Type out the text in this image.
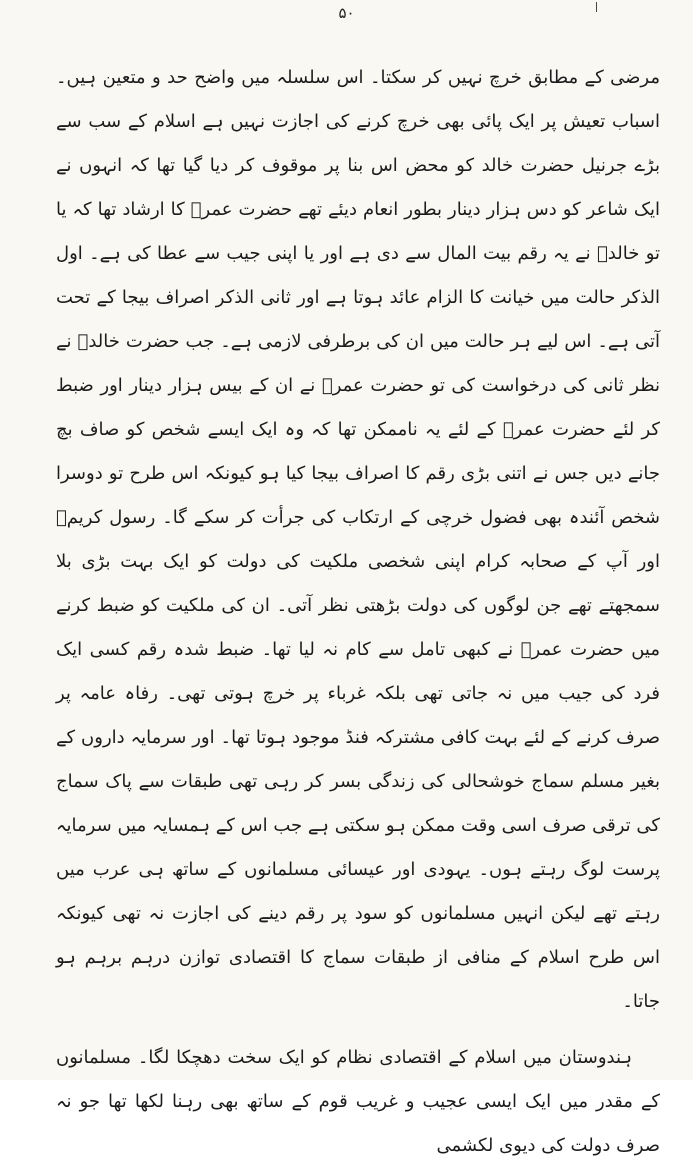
۵۰

مرضی کے مطابق خرچ نہیں کر سکتا۔ اس سلسلہ میں واضح حد و متعین ہیں۔ اسباب تعیش پر ایک پائی بھی خرچ کرنے کی اجازت نہیں ہے اسلام کے سب سے بڑے جرنیل حضرت خالد کو محض اس بنا پر موقوف کر دیا گیا تھا کہ انہوں نے ایک شاعر کو دس ہزار دینار بطور انعام دیئے تھے حضرت عمرؓ کا ارشاد تھا کہ یا تو خالدؓ نے یہ رقم بیت المال سے دی ہے اور یا اپنی جیب سے عطا کی ہے۔ اول الذکر حالت میں خیانت کا الزام عائد ہوتا ہے اور ثانی الذکر اصراف بیجا کے تحت آتی ہے۔ اس لیے ہر حالت میں ان کی برطرفی لازمی ہے۔ جب حضرت خالدؓ نے نظر ثانی کی درخواست کی تو حضرت عمرؓ نے ان کے بیس ہزار دینار اور ضبط کر لئے حضرت عمرؓ کے لئے یہ ناممکن تھا کہ وہ ایک ایسے شخص کو صاف بچ جانے دیں جس نے اتنی بڑی رقم کا اصراف بیجا کیا ہو کیونکہ اس طرح تو دوسرا شخص آئندہ بھی فضول خرچی کے ارتکاب کی جرأت کر سکے گا۔ رسول کریمؐ اور آپ کے صحابہ کرام اپنی شخصی ملکیت کی دولت کو ایک بہت بڑی بلا سمجھتے تھے جن لوگوں کی دولت بڑھتی نظر آتی۔ ان کی ملکیت کو ضبط کرنے میں حضرت عمرؓ نے کبھی تامل سے کام نہ لیا تھا۔ ضبط شدہ رقم کسی ایک فرد کی جیب میں نہ جاتی تھی بلکہ غرباء پر خرچ ہوتی تھی۔ رفاہ عامہ پر صرف کرنے کے لئے بہت کافی مشترکہ فنڈ موجود ہوتا تھا۔ اور سرمایہ داروں کے بغیر مسلم سماج خوشحالی کی زندگی بسر کر رہی تھی طبقات سے پاک سماج کی ترقی صرف اسی وقت ممکن ہو سکتی ہے جب اس کے ہمسایہ میں سرمایہ پرست لوگ رہتے ہوں۔ یہودی اور عیسائی مسلمانوں کے ساتھ ہی عرب میں رہتے تھے لیکن انہیں مسلمانوں کو سود پر رقم دینے کی اجازت نہ تھی کیونکہ اس طرح اسلام کے منافی از طبقات سماج کا اقتصادی توازن درہم برہم ہو جاتا۔

ہندوستان میں اسلام کے اقتصادی نظام کو ایک سخت دھچکا لگا۔ مسلمانوں کے مقدر میں ایک ایسی عجیب و غریب قوم کے ساتھ بھی رہنا لکھا تھا جو نہ صرف دولت کی دیوی لکشمی
